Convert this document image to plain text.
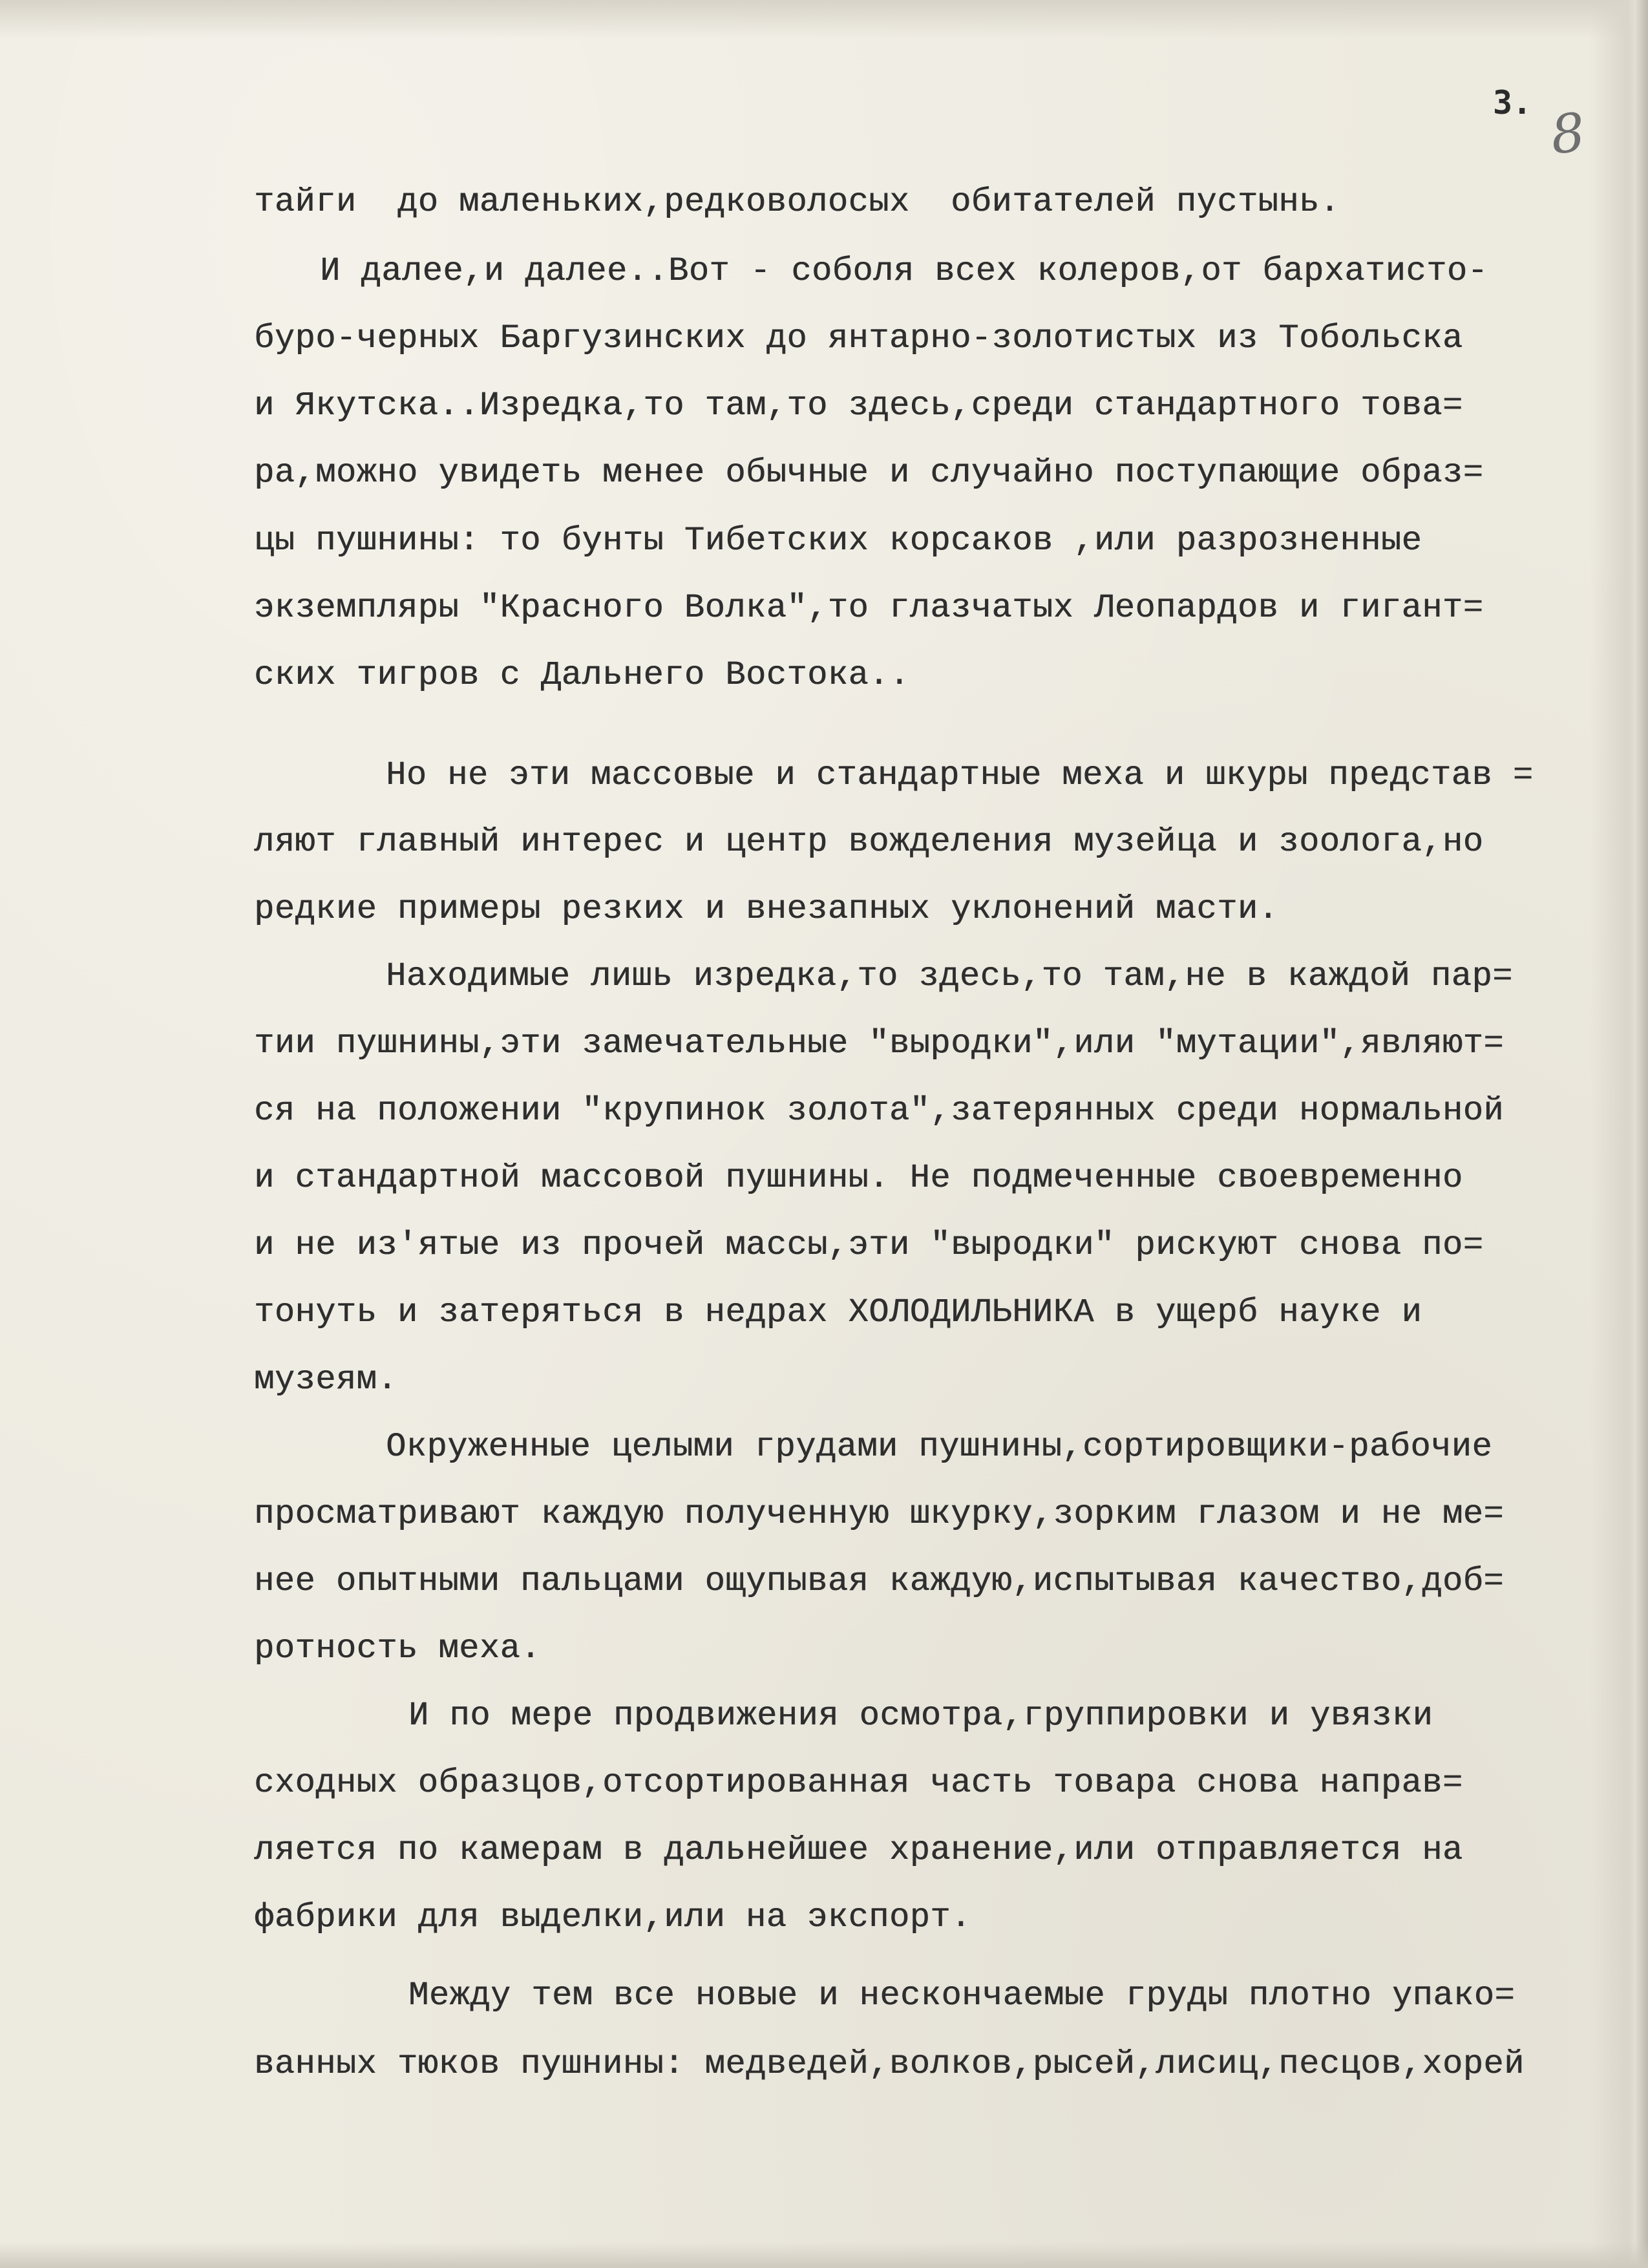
3. 8
тайги  до маленьких,редковолосых  обитателей пустынь.
И далее,и далее..Вот - соболя всех колеров,от бархатисто-
буро-черных Баргузинских до янтарно-золотистых из Тобольска
и Якутска..Изредка,то там,то здесь,среди стандартного това=
ра,можно увидеть менее обычные и случайно поступающие образ=
цы пушнины: то бунты Тибетских корсаков ,или разрозненные
экземпляры "Красного Волка",то глазчатых Леопардов и гигант=
ских тигров с Дальнего Востока..
Но не эти массовые и стандартные меха и шкуры представ =
ляют главный интерес и центр вожделения музейца и зоолога,но
редкие примеры резких и внезапных уклонений масти.
Находимые лишь изредка,то здесь,то там,не в каждой пар=
тии пушнины,эти замечательные "выродки",или "мутации",являют=
ся на положении "крупинок золота",затерянных среди нормальной
и стандартной массовой пушнины. Не подмеченные своевременно
и не из'ятые из прочей массы,эти "выродки" рискуют снова по=
тонуть и затеряться в недрах ХОЛОДИЛЬНИКА в ущерб науке и
музеям.
Окруженные целыми грудами пушнины,сортировщики-рабочие
просматривают каждую полученную шкурку,зорким глазом и не ме=
нее опытными пальцами ощупывая каждую,испытывая качество,доб=
ротность меха.
И по мере продвижения осмотра,группировки и увязки
сходных образцов,отсортированная часть товара снова направ=
ляется по камерам в дальнейшее хранение,или отправляется на
фабрики для выделки,или на экспорт.
Между тем все новые и нескончаемые груды плотно упако=
ванных тюков пушнины: медведей,волков,рысей,лисиц,песцов,хорей
